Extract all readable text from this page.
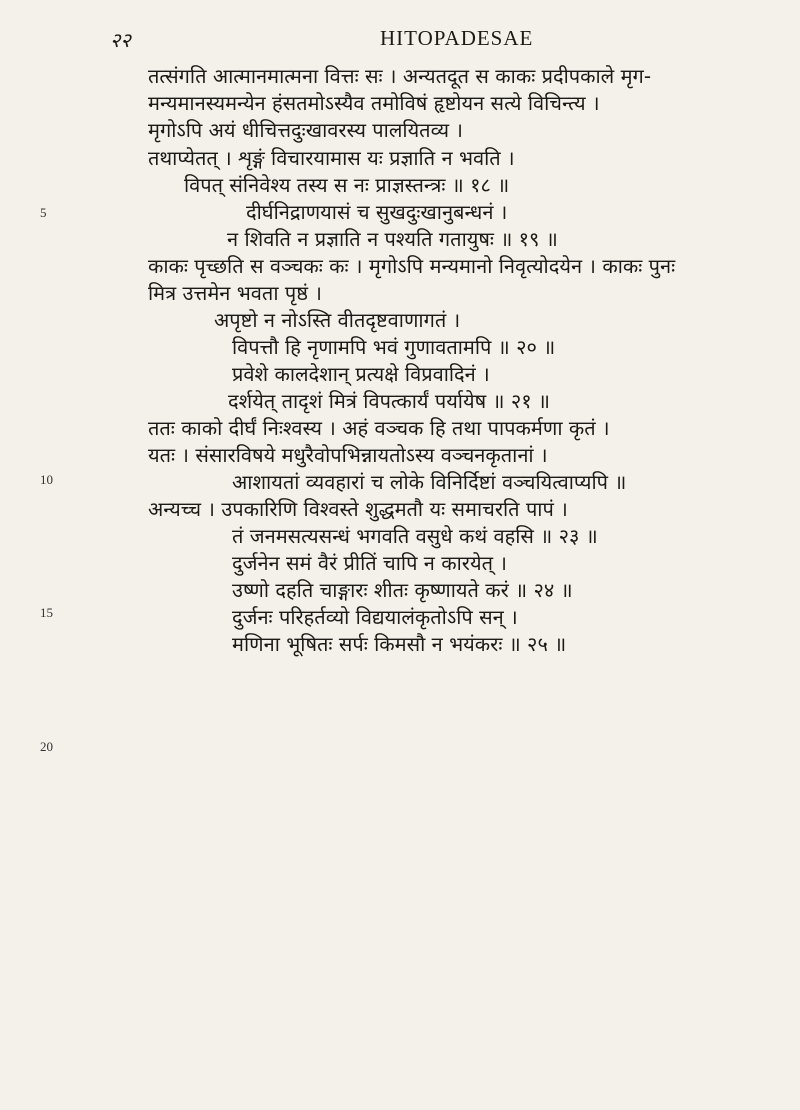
२२	HITOPADESAE
5
10
15
20
तत्संगति आत्मानमात्मना वित्तः सः । अन्यतदूत स काकः प्रदीपकाले मृग-
मन्यमानस्यमन्येन हंसतमोऽस्यैव तमोविषं हृष्टोयन सत्ये विचिन्त्य ।
मृगोऽपि अयं धीचित्तदुःखावरस्य पालयितव्य ।
तथाप्येतत् । शृङ्गं विचारयामास यः प्रज्ञाति न भवति ।
विपत् संनिवेश्य तस्य स नः प्राज्ञस्तन्त्रः ॥ १८ ॥
दीर्घनिद्राणयासं च सुखदुःखानुबन्धनं ।
न शिवति न प्रज्ञाति न पश्यति गतायुषः ॥ १९ ॥
काकः पृच्छति स वञ्चकः कः । मृगोऽपि मन्यमानो निवृत्योदयेन । काकः पुनः
मित्र उत्तमेन भवता पृष्ठं ।
अपृष्टो न नोऽस्ति वीतदृष्टवाणागतं ।
विपत्तौ हि नृणामपि भवं गुणावतामपि ॥ २० ॥
प्रवेशे कालदेशान् प्रत्यक्षे विप्रवादिनं ।
दर्शयेत् तादृशं मित्रं विपत्कार्यं पर्यायेष ॥ २१ ॥
ततः काको दीर्घं निःश्वस्य । अहं वञ्चक हि तथा पापकर्मणा कृतं ।
यतः । संसारविषये मधुरैवोपभिन्नायतोऽस्य वञ्चनकृतानां ।
आशायतां व्यवहारां च लोके विनिर्दिष्टां वञ्चयित्वाप्यपि ॥
अन्यच्च । उपकारिणि विश्वस्ते शुद्धमतौ यः समाचरति पापं ।
तं जनमसत्यसन्धं भगवति वसुधे कथं वहसि ॥ २३ ॥
दुर्जनेन समं वैरं प्रीतिं चापि न कारयेत् ।
उष्णो दहति चाङ्गारः शीतः कृष्णायते करं ॥ २४ ॥
दुर्जनः परिहर्तव्यो विद्ययालंकृतोऽपि सन् ।
मणिना भूषितः सर्पः किमसौ न भयंकरः ॥ २५ ॥
